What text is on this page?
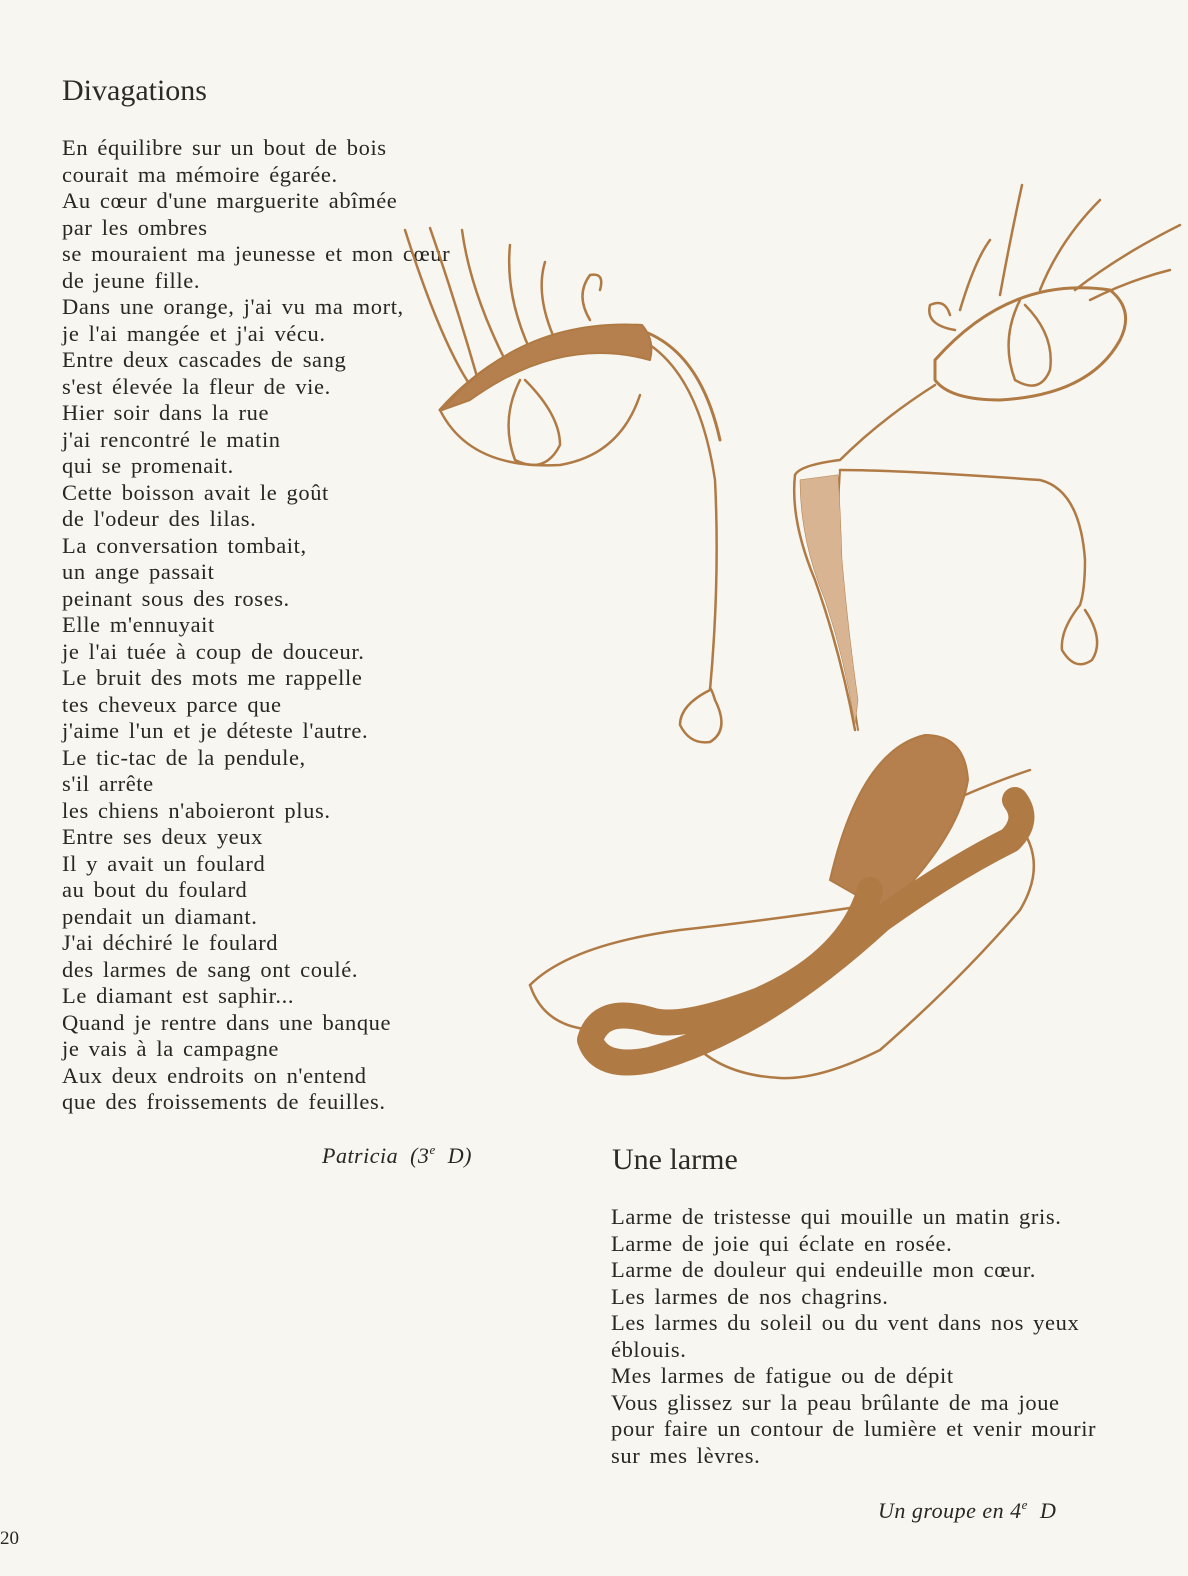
Divagations
En équilibre sur un bout de bois
courait ma mémoire égarée.
Au cœur d'une marguerite abîmée
par les ombres
se mouraient ma jeunesse et mon cœur
de jeune fille.
Dans une orange, j'ai vu ma mort,
je l'ai mangée et j'ai vécu.
Entre deux cascades de sang
s'est élevée la fleur de vie.
Hier soir dans la rue
j'ai rencontré le matin
qui se promenait.
Cette boisson avait le goût
de l'odeur des lilas.
La conversation tombait,
un ange passait
peinant sous des roses.
Elle m'ennuyait
je l'ai tuée à coup de douceur.
Le bruit des mots me rappelle
tes cheveux parce que
j'aime l'un et je déteste l'autre.
Le tic-tac de la pendule,
s'il arrête
les chiens n'aboieront plus.
Entre ses deux yeux
Il y avait un foulard
au bout du foulard
pendait un diamant.
J'ai déchiré le foulard
des larmes de sang ont coulé.
Le diamant est saphir...
Quand je rentre dans une banque
je vais à la campagne
Aux deux endroits on n'entend
que des froissements de feuilles.
Patricia (3e D)	Une larme
Larme de tristesse qui mouille un matin gris.
Larme de joie qui éclate en rosée.
Larme de douleur qui endeuille mon cœur.
Les larmes de nos chagrins.
Les larmes du soleil ou du vent dans nos yeux
éblouis.
Mes larmes de fatigue ou de dépit
Vous glissez sur la peau brûlante de ma joue
pour faire un contour de lumière et venir mourir
sur mes lèvres.
Un groupe en 4e D
20
